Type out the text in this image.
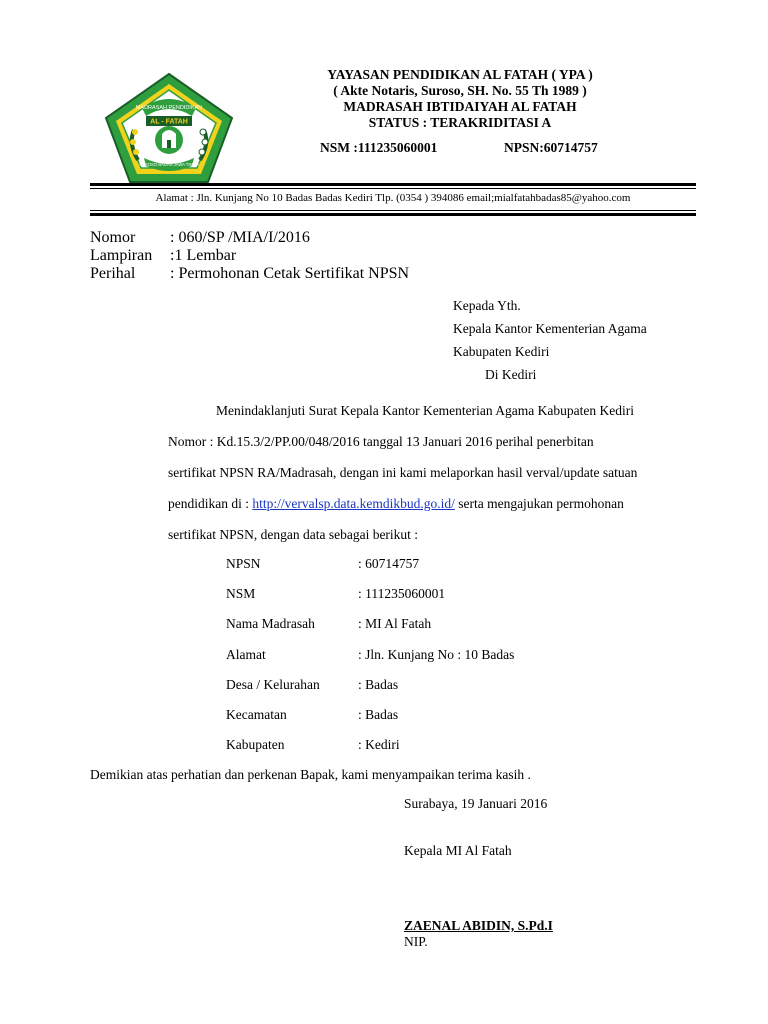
MADRASAH PENDIDIKAN
AL - FATAH
SUROSO BADAS JAWA TIMUR
YAYASAN PENDIDIKAN AL FATAH ( YPA )
( Akte Notaris, Suroso, SH. No. 55 Th 1989 )
MADRASAH IBTIDAIYAH AL FATAH
STATUS : TERAKRIDITASI A
NSM :111235060001	NPSN:60714757
Alamat : Jln. Kunjang No 10 Badas Badas Kediri Tlp. (0354 ) 394086 email;mialfatahbadas85@yahoo.com
Nomor : 060/SP /MIA/I/2016
Lampiran :1 Lembar
Perihal : Permohonan Cetak Sertifikat NPSN
Kepada Yth.
Kepala Kantor Kementerian Agama
Kabupaten Kediri
Di Kediri
Menindaklanjuti Surat Kepala Kantor Kementerian Agama Kabupaten Kediri
Nomor : Kd.15.3/2/PP.00/048/2016 tanggal 13 Januari 2016 perihal penerbitan
sertifikat NPSN RA/Madrasah, dengan ini kami melaporkan hasil verval/update satuan
pendidikan di : http://vervalsp.data.kemdikbud.go.id/ serta mengajukan permohonan
sertifikat NPSN, dengan data sebagai berikut :
NPSN	: 60714757
NSM	: 111235060001
Nama Madrasah	: MI Al Fatah
Alamat	: Jln. Kunjang No : 10 Badas
Desa / Kelurahan	: Badas
Kecamatan	: Badas
Kabupaten	: Kediri
Demikian atas perhatian dan perkenan Bapak, kami menyampaikan terima kasih .
Surabaya, 19 Januari 2016
Kepala MI Al Fatah
ZAENAL ABIDIN, S.Pd.I
NIP.
